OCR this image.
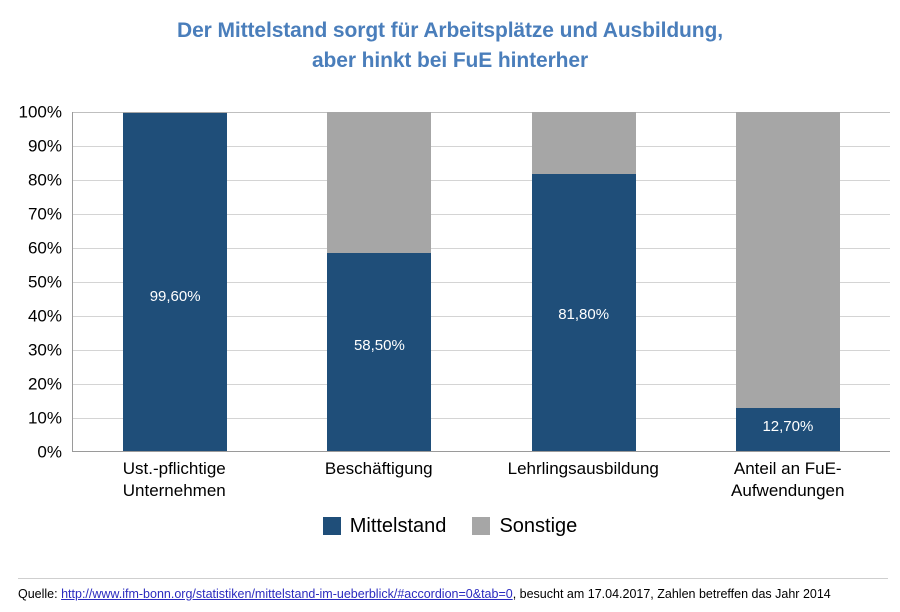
Der Mittelstand sorgt für Arbeitsplätze und Ausbildung,
aber hinkt bei FuE hinterher
100%
90%
80%
70%
60%
50%
40%
30%
20%
10%
0%
99,60%
58,50%
81,80%
12,70%
Ust.-pflichtige
Unternehmen
Beschäftigung	Lehrlingsausbildung	Anteil an FuE-
Aufwendungen
Mittelstand	Sonstige
Quelle: http://www.ifm-bonn.org/statistiken/mittelstand-im-ueberblick/#accordion=0&tab=0, besucht am 17.04.2017, Zahlen betreffen das Jahr 2014
